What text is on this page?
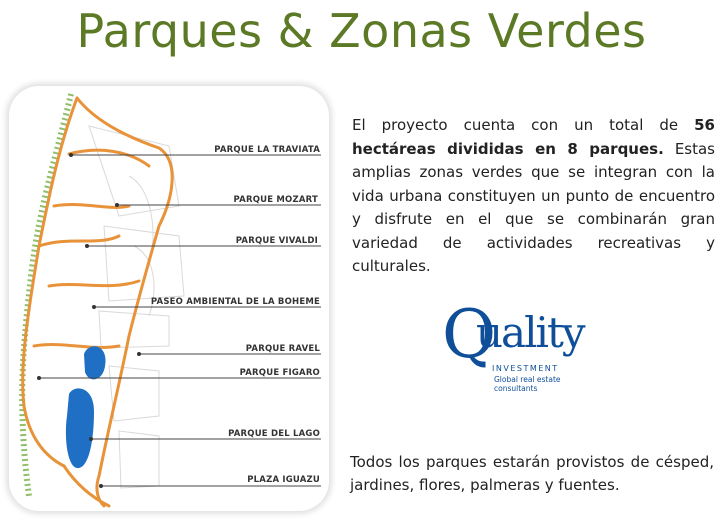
Parques & Zonas Verdes
PARQUE LA TRAVIATA
PARQUE MOZART
PARQUE VIVALDI
PASEO AMBIENTAL DE LA BOHEME
PARQUE RAVEL
PARQUE FIGARO
PARQUE DEL LAGO
PLAZA IGUAZU
El proyecto cuenta con un total de 56 hectáreas divididas en 8 parques. Estas amplias zonas verdes que se integran con la vida urbana constituyen un punto de encuentro y disfrute en el que se combinarán gran variedad de actividades recreativas y culturales.
Q
uality
INVESTMENT
Global real estate consultants
Todos los parques estarán provistos de césped, jardines, flores, palmeras y fuentes.
